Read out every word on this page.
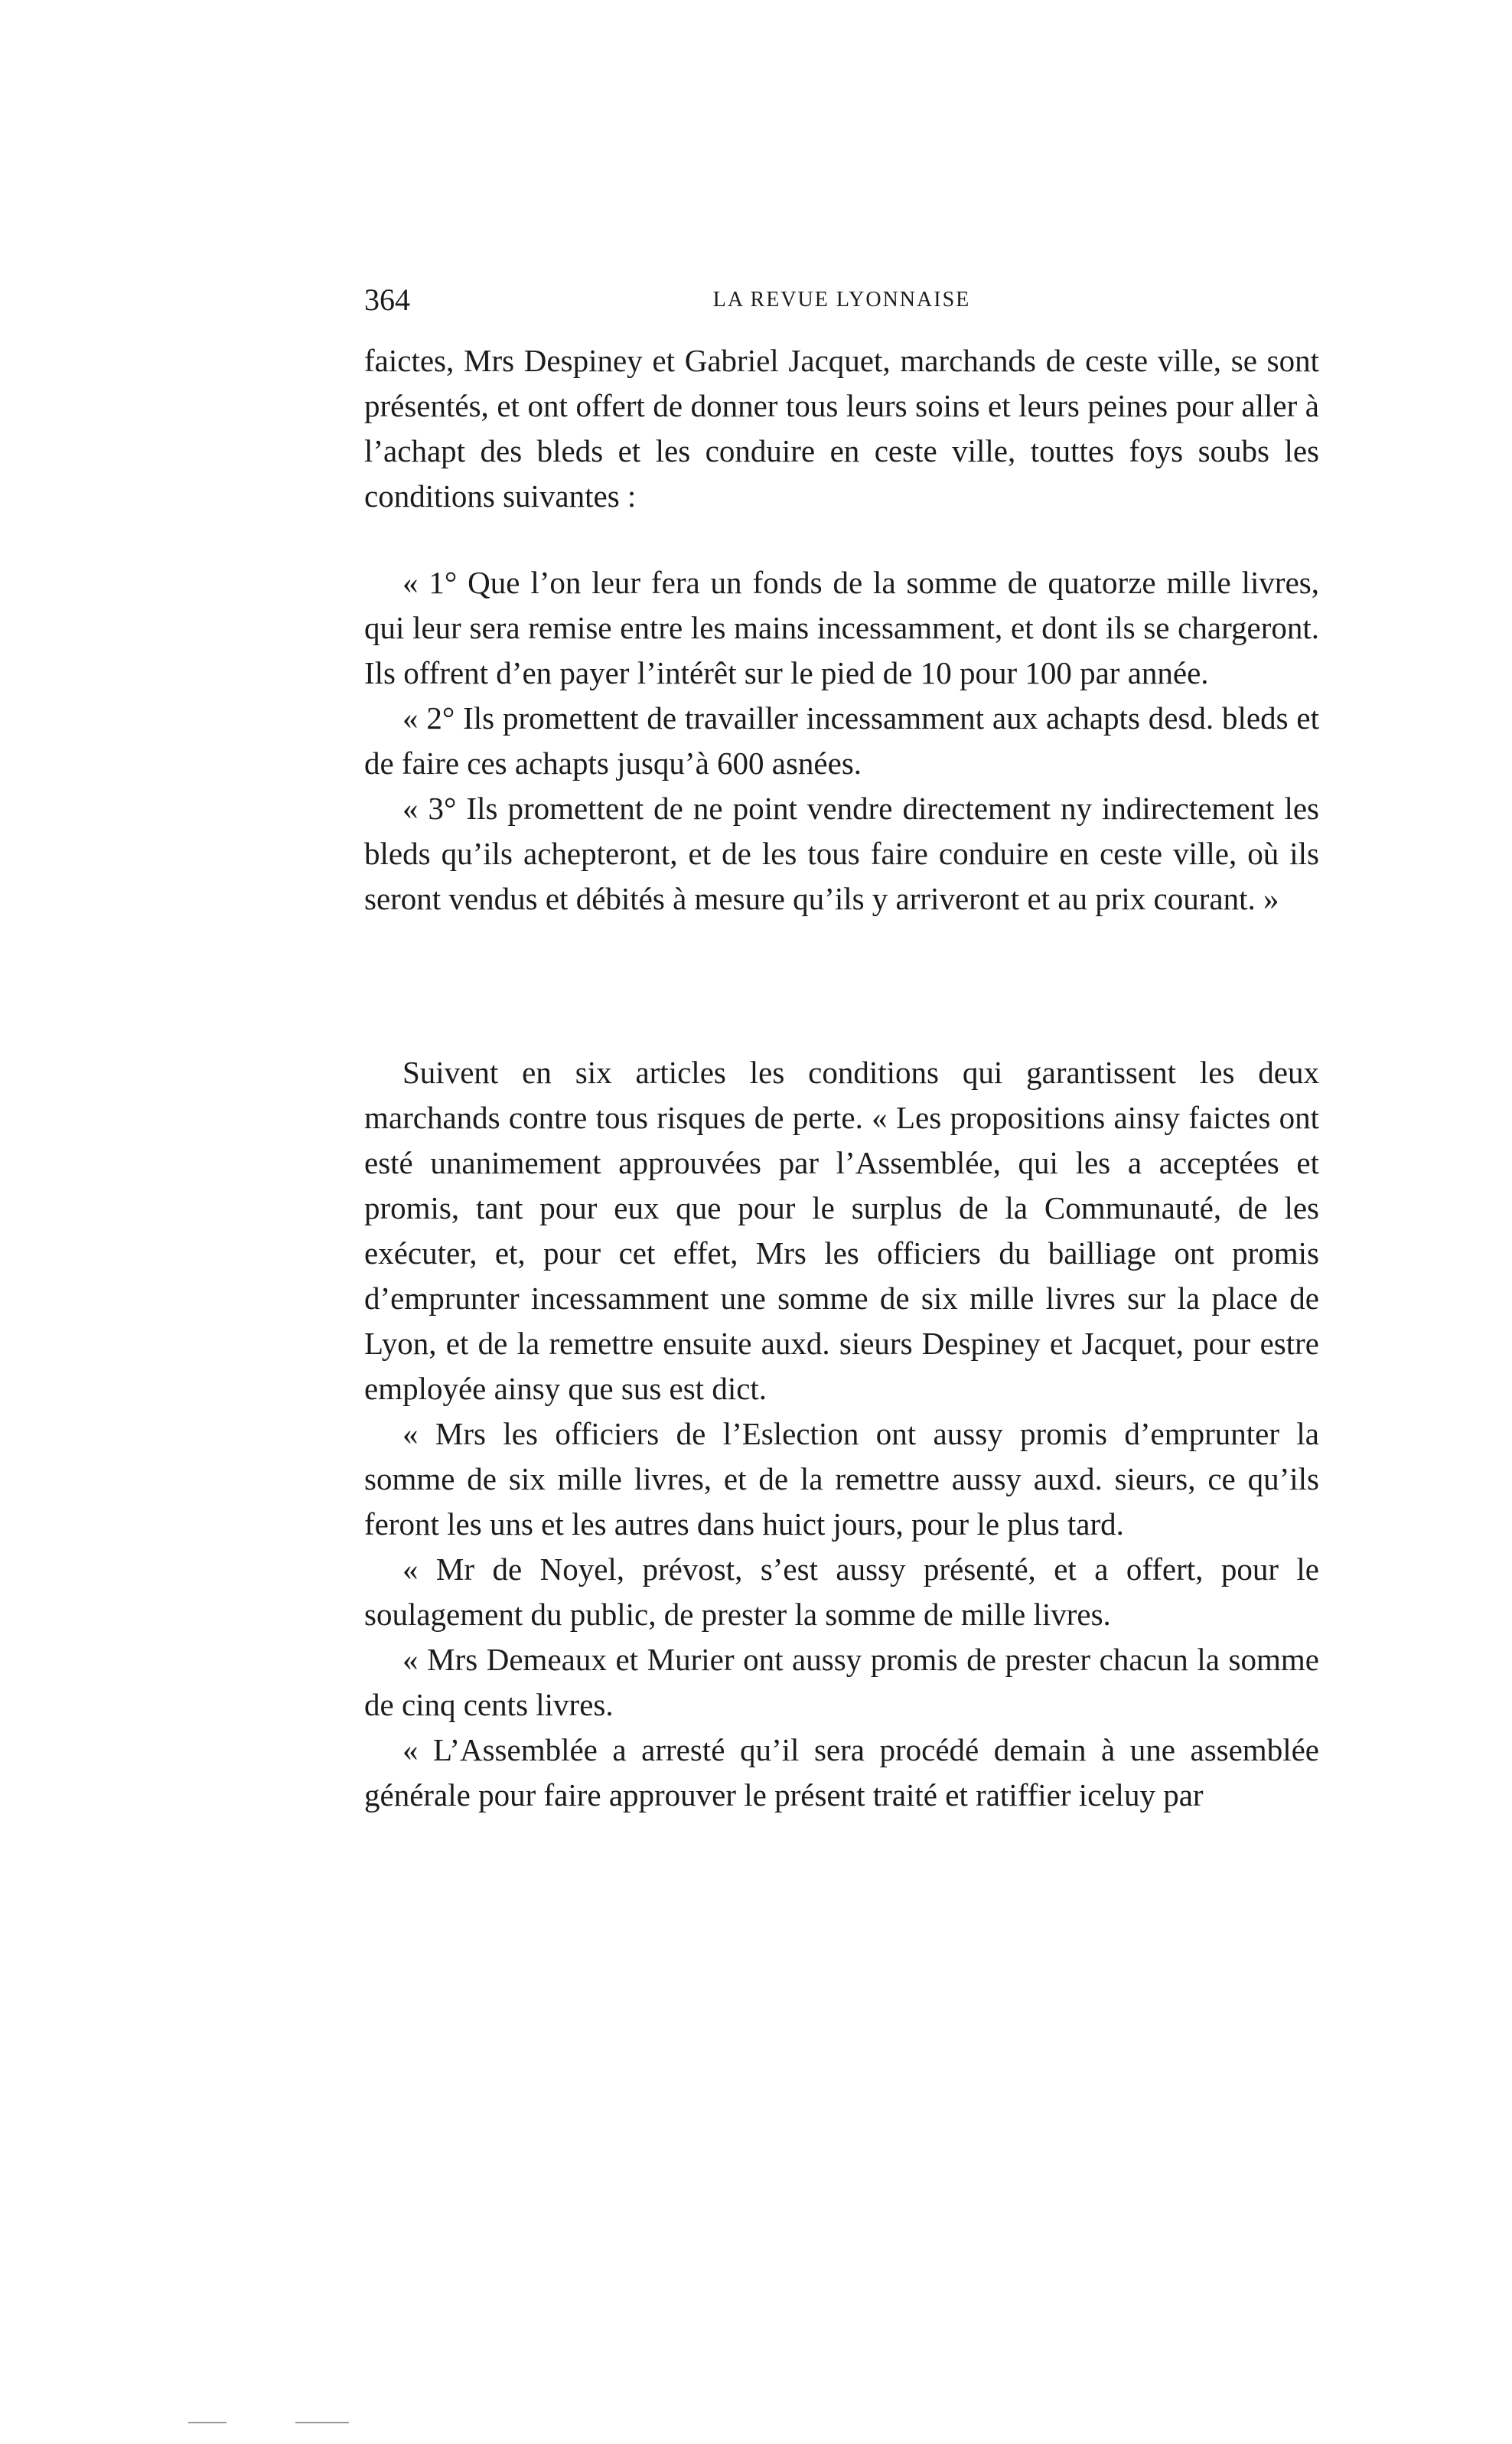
364	LA REVUE LYONNAISE

faictes, Mrs Despiney et Gabriel Jacquet, marchands de ceste ville, se sont présentés, et ont offert de donner tous leurs soins et leurs peines pour aller à l’achapt des bleds et les conduire en ceste ville, touttes foys soubs les conditions suivantes :

« 1° Que l’on leur fera un fonds de la somme de quatorze mille livres, qui leur sera remise entre les mains incessamment, et dont ils se chargeront. Ils offrent d’en payer l’intérêt sur le pied de 10 pour 100 par année.

« 2° Ils promettent de travailler incessamment aux achapts desd. bleds et de faire ces achapts jusqu’à 600 asnées.

« 3° Ils promettent de ne point vendre directement ny indirectement les bleds qu’ils achepteront, et de les tous faire conduire en ceste ville, où ils seront vendus et débités à mesure qu’ils y arriveront et au prix courant. »

Suivent en six articles les conditions qui garantissent les deux marchands contre tous risques de perte. « Les propositions ainsy faictes ont esté unanimement approuvées par l’Assemblée, qui les a acceptées et promis, tant pour eux que pour le surplus de la Communauté, de les exécuter, et, pour cet effet, Mrs les officiers du bailliage ont promis d’emprunter incessamment une somme de six mille livres sur la place de Lyon, et de la remettre ensuite auxd. sieurs Despiney et Jacquet, pour estre employée ainsy que sus est dict.

« Mrs les officiers de l’Eslection ont aussy promis d’emprunter la somme de six mille livres, et de la remettre aussy auxd. sieurs, ce qu’ils feront les uns et les autres dans huict jours, pour le plus tard.

« Mr de Noyel, prévost, s’est aussy présenté, et a offert, pour le soulagement du public, de prester la somme de mille livres.

« Mrs Demeaux et Murier ont aussy promis de prester chacun la somme de cinq cents livres.

« L’Assemblée a arresté qu’il sera procédé demain à une assemblée générale pour faire approuver le présent traité et ratiffier iceluy par
